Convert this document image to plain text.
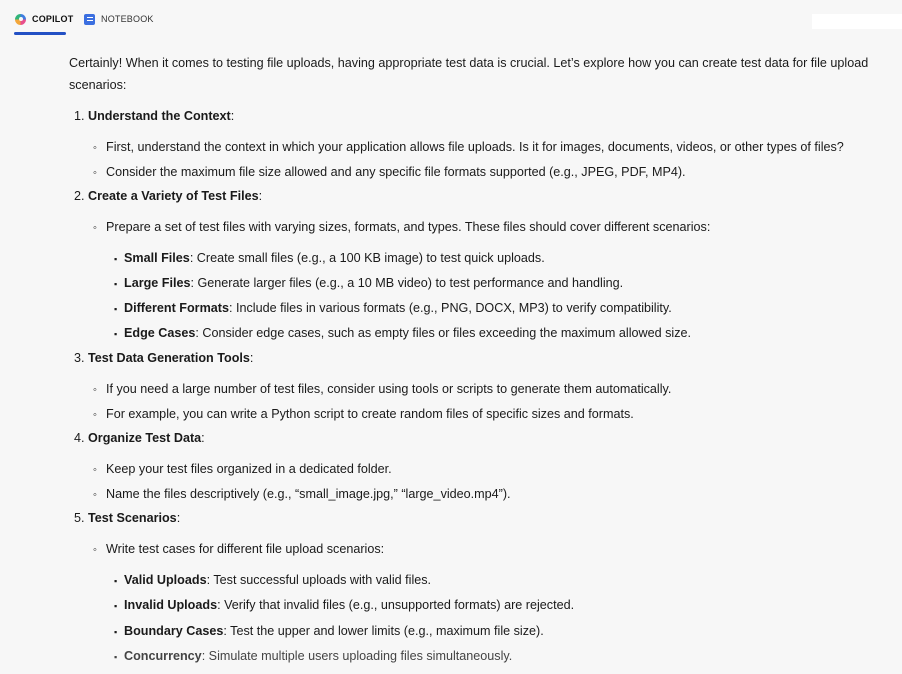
COPILOT	NOTEBOOK
Certainly! When it comes to testing file uploads, having appropriate test data is crucial. Let’s explore how you can create test data for file upload
scenarios:
1. Understand the Context:
◦ First, understand the context in which your application allows file uploads. Is it for images, documents, videos, or other types of files?
◦ Consider the maximum file size allowed and any specific file formats supported (e.g., JPEG, PDF, MP4).
2. Create a Variety of Test Files:
◦ Prepare a set of test files with varying sizes, formats, and types. These files should cover different scenarios:
▪ Small Files: Create small files (e.g., a 100 KB image) to test quick uploads.
▪ Large Files: Generate larger files (e.g., a 10 MB video) to test performance and handling.
▪ Different Formats: Include files in various formats (e.g., PNG, DOCX, MP3) to verify compatibility.
▪ Edge Cases: Consider edge cases, such as empty files or files exceeding the maximum allowed size.
3. Test Data Generation Tools:
◦ If you need a large number of test files, consider using tools or scripts to generate them automatically.
◦ For example, you can write a Python script to create random files of specific sizes and formats.
4. Organize Test Data:
◦ Keep your test files organized in a dedicated folder.
◦ Name the files descriptively (e.g., “small_image.jpg,” “large_video.mp4”).
5. Test Scenarios:
◦ Write test cases for different file upload scenarios:
▪ Valid Uploads: Test successful uploads with valid files.
▪ Invalid Uploads: Verify that invalid files (e.g., unsupported formats) are rejected.
▪ Boundary Cases: Test the upper and lower limits (e.g., maximum file size).
▪ Concurrency: Simulate multiple users uploading files simultaneously.
